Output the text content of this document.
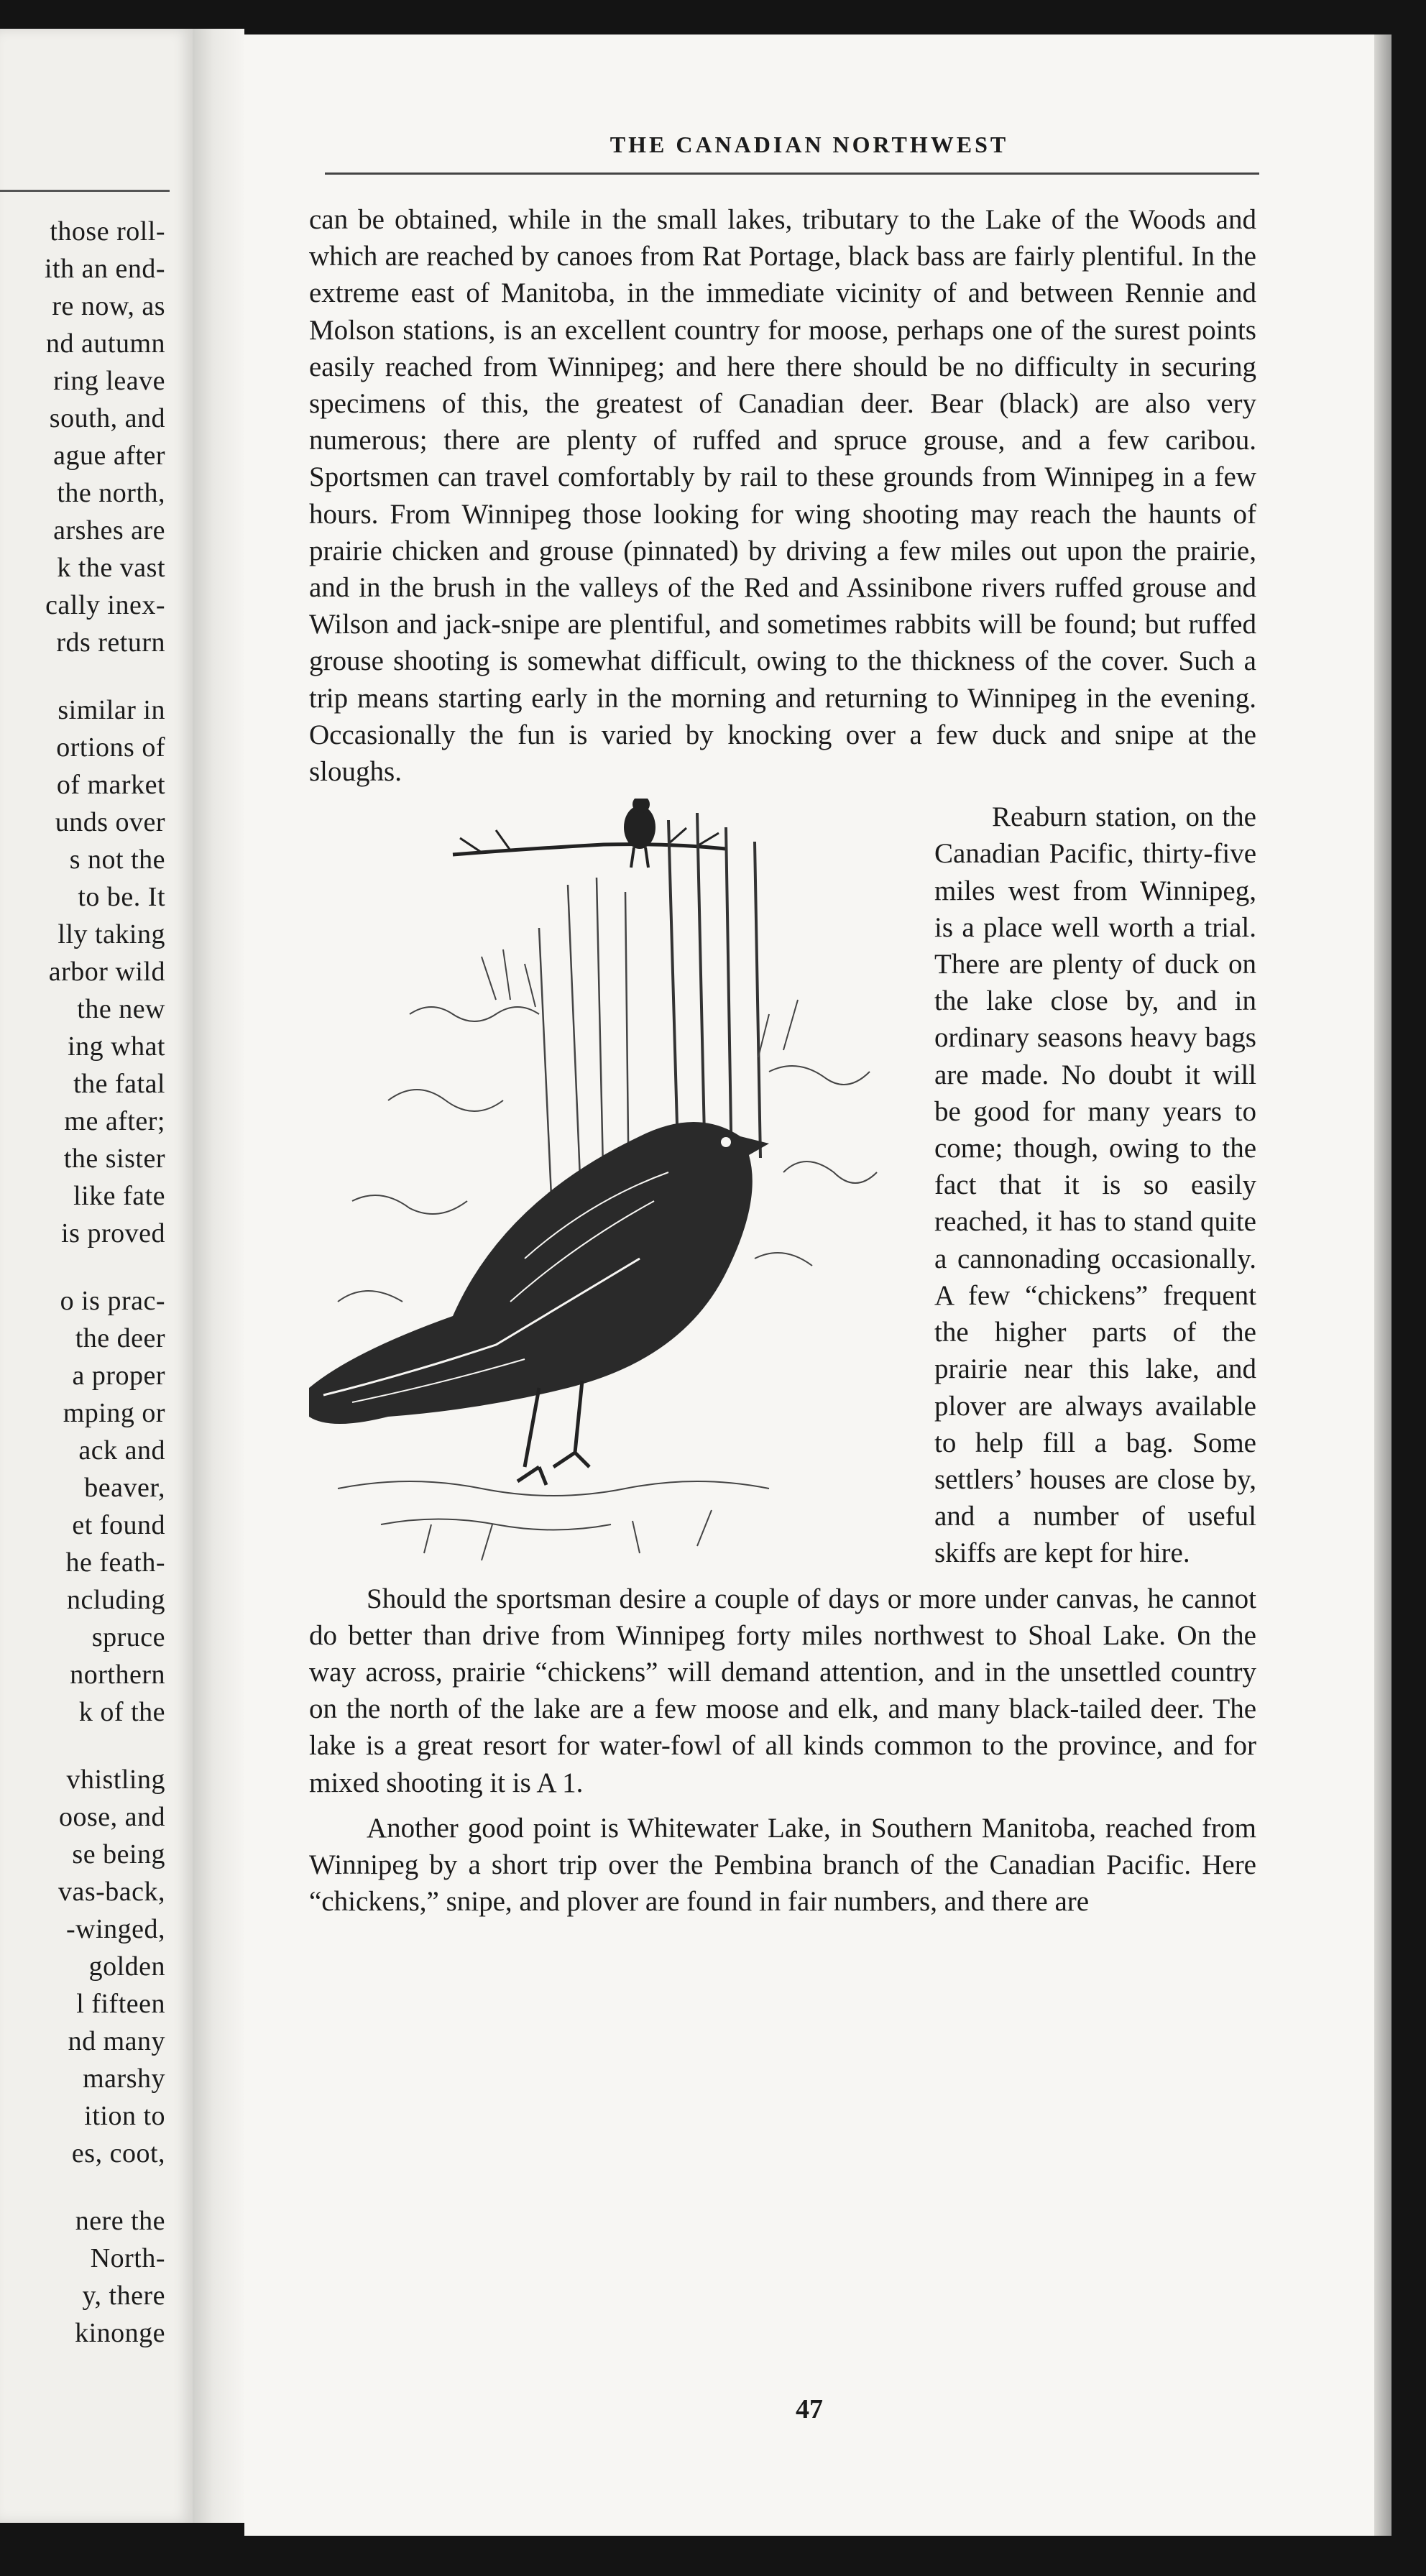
those roll-
ith an end-
re now, as
nd autumn
ring leave
south, and
ague after
the north,
arshes are
k the vast
cally inex-
rds return
similar in
ortions of
of market
unds over
s not the
to be. It
lly taking
arbor wild
the new
ing what
the fatal
me after;
the sister
like fate
is proved
o is prac-
the deer
a proper
mping or
ack and
beaver,
et found
he feath-
ncluding
spruce
northern
k of the
vhistling
oose, and
se being
vas-back,
-winged,
golden
l fifteen
nd many
marshy
ition to
es, coot,
nere the
North-
y, there
kinonge
THE CANADIAN NORTHWEST

can be obtained, while in the small lakes, tributary to the Lake of the Woods and which are reached by canoes from Rat Portage, black bass are fairly plentiful. In the extreme east of Manitoba, in the immediate vicinity of and between Rennie and Molson stations, is an excellent country for moose, perhaps one of the surest points easily reached from Winnipeg; and here there should be no difficulty in securing specimens of this, the greatest of Canadian deer. Bear (black) are also very numerous; there are plenty of ruffed and spruce grouse, and a few caribou. Sportsmen can travel comfortably by rail to these grounds from Winnipeg in a few hours. From Winnipeg those looking for wing shooting may reach the haunts of prairie chicken and grouse (pinnated) by driving a few miles out upon the prairie, and in the brush in the valleys of the Red and Assinibone rivers ruffed grouse and Wilson and jack-snipe are plentiful, and sometimes rabbits will be found; but ruffed grouse shooting is somewhat difficult, owing to the thickness of the cover. Such a trip means starting early in the morning and returning to Winnipeg in the evening. Occasionally the fun is varied by knocking over a few duck and snipe at the sloughs.

Reaburn station, on the Canadian Pacific, thirty-five miles west from Winnipeg, is a place well worth a trial. There are plenty of duck on the lake close by, and in ordinary seasons heavy bags are made. No doubt it will be good for many years to come; though, owing to the fact that it is so easily reached, it has to stand quite a cannonading occasionally. A few “chickens” frequent the higher parts of the prairie near this lake, and plover are always available to help fill a bag. Some settlers’ houses are close by, and a number of useful skiffs are kept for hire.

Should the sportsman desire a couple of days or more under canvas, he cannot do better than drive from Winnipeg forty miles northwest to Shoal Lake. On the way across, prairie “chickens” will demand attention, and in the unsettled country on the north of the lake are a few moose and elk, and many black-tailed deer. The lake is a great resort for water-fowl of all kinds common to the province, and for mixed shooting it is A 1.

Another good point is Whitewater Lake, in Southern Manitoba, reached from Winnipeg by a short trip over the Pembina branch of the Canadian Pacific. Here “chickens,” snipe, and plover are found in fair numbers, and there are

47
